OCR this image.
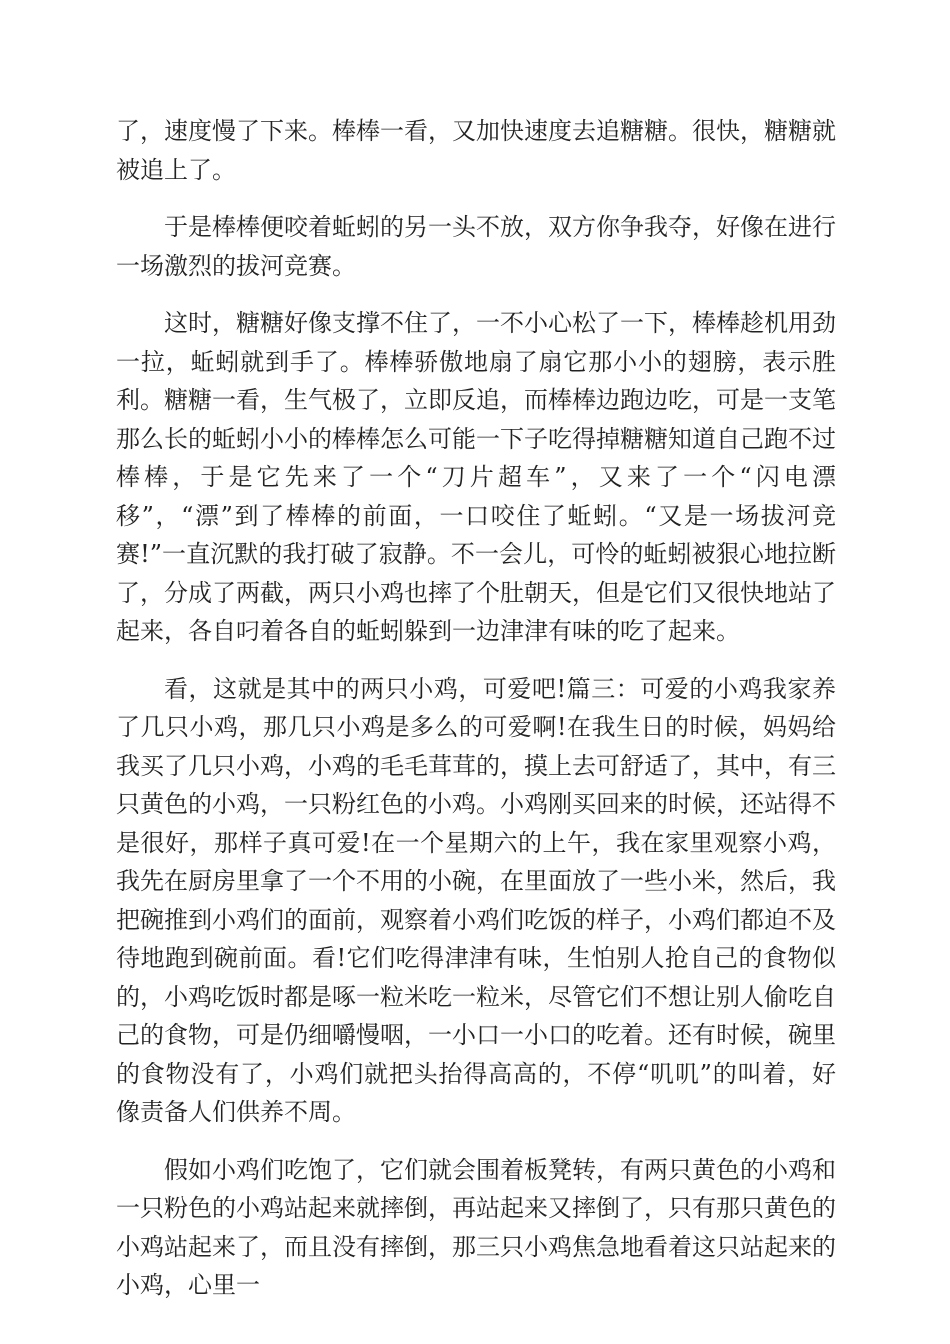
了，速度慢了下来。棒棒一看，又加快速度去追糖糖。很快，糖糖就被追上了。

于是棒棒便咬着蚯蚓的另一头不放，双方你争我夺，好像在进行一场激烈的拔河竞赛。

这时，糖糖好像支撑不住了，一不小心松了一下，棒棒趁机用劲一拉，蚯蚓就到手了。棒棒骄傲地扇了扇它那小小的翅膀，表示胜利。糖糖一看，生气极了，立即反追，而棒棒边跑边吃，可是一支笔那么长的蚯蚓小小的棒棒怎么可能一下子吃得掉糖糖知道自己跑不过棒棒，于是它先来了一个“刀片超车”，又来了一个“闪电漂移”，“漂”到了棒棒的前面，一口咬住了蚯蚓。“又是一场拔河竞赛!”一直沉默的我打破了寂静。不一会儿，可怜的蚯蚓被狠心地拉断了，分成了两截，两只小鸡也摔了个肚朝天，但是它们又很快地站了起来，各自叼着各自的蚯蚓躲到一边津津有味的吃了起来。

看，这就是其中的两只小鸡，可爱吧!篇三：可爱的小鸡我家养了几只小鸡，那几只小鸡是多么的可爱啊!在我生日的时候，妈妈给我买了几只小鸡，小鸡的毛毛茸茸的，摸上去可舒适了，其中，有三只黄色的小鸡，一只粉红色的小鸡。小鸡刚买回来的时候，还站得不是很好，那样子真可爱!在一个星期六的上午，我在家里观察小鸡，我先在厨房里拿了一个不用的小碗，在里面放了一些小米，然后，我把碗推到小鸡们的面前，观察着小鸡们吃饭的样子，小鸡们都迫不及待地跑到碗前面。看!它们吃得津津有味，生怕别人抢自己的食物似的，小鸡吃饭时都是啄一粒米吃一粒米，尽管它们不想让别人偷吃自己的食物，可是仍细嚼慢咽，一小口一小口的吃着。还有时候，碗里的食物没有了，小鸡们就把头抬得高高的，不停“叽叽”的叫着，好像责备人们供养不周。

假如小鸡们吃饱了，它们就会围着板凳转，有两只黄色的小鸡和一只粉色的小鸡站起来就摔倒，再站起来又摔倒了，只有那只黄色的小鸡站起来了，而且没有摔倒，那三只小鸡焦急地看着这只站起来的小鸡，心里一
